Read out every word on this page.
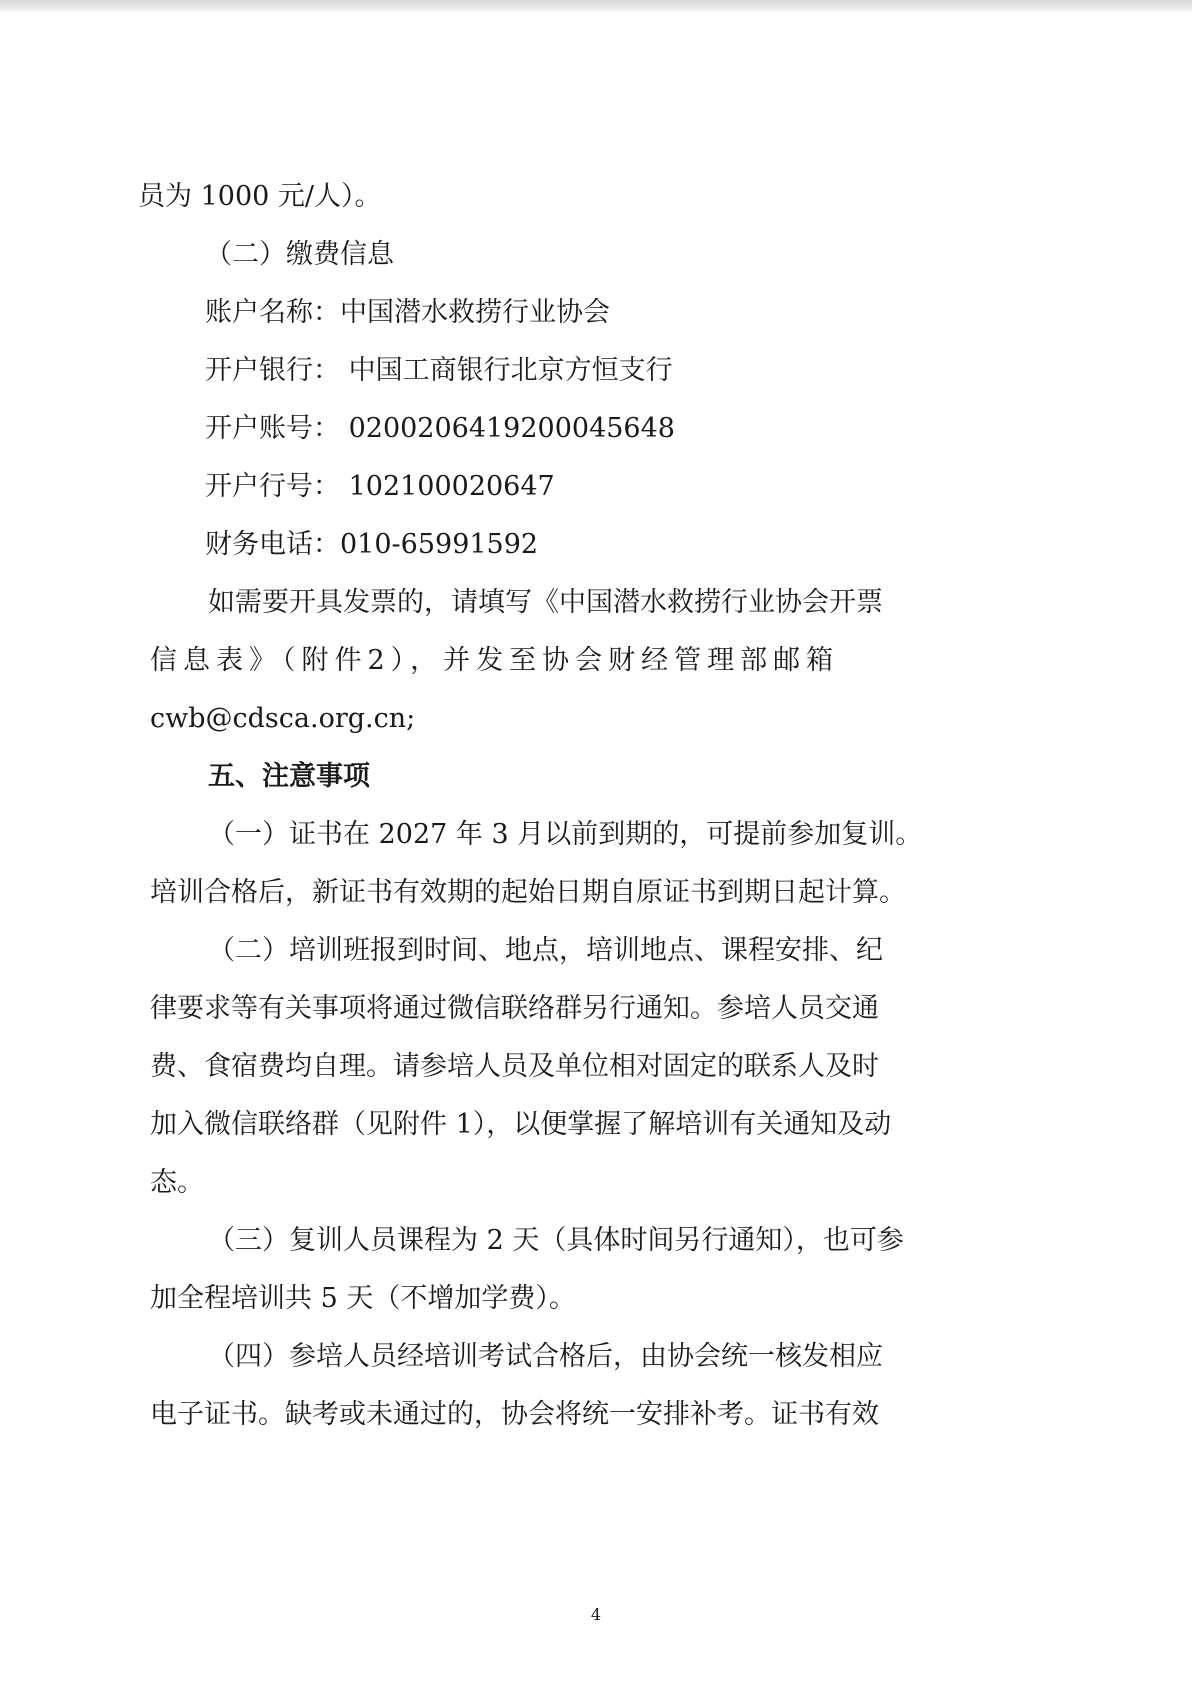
员为 1000 元/人）。
（二）缴费信息
账户名称：中国潜水救捞行业协会
开户银行： 中国工商银行北京方恒支行
开户账号： 0200206419200045648
开户行号： 102100020647
财务电话：010-65991592
如需要开具发票的，请填写《中国潜水救捞行业协会开票
信息表》（附件2），并发至协会财经管理部邮箱
cwb@cdsca.org.cn;
五、注意事项
（一）证书在 2027 年 3 月以前到期的，可提前参加复训。
培训合格后，新证书有效期的起始日期自原证书到期日起计算。
（二）培训班报到时间、地点，培训地点、课程安排、纪
律要求等有关事项将通过微信联络群另行通知。参培人员交通
费、食宿费均自理。请参培人员及单位相对固定的联系人及时
加入微信联络群（见附件 1），以便掌握了解培训有关通知及动
态。
（三）复训人员课程为 2 天（具体时间另行通知），也可参
加全程培训共 5 天（不增加学费）。
（四）参培人员经培训考试合格后，由协会统一核发相应
电子证书。缺考或未通过的，协会将统一安排补考。证书有效
4
